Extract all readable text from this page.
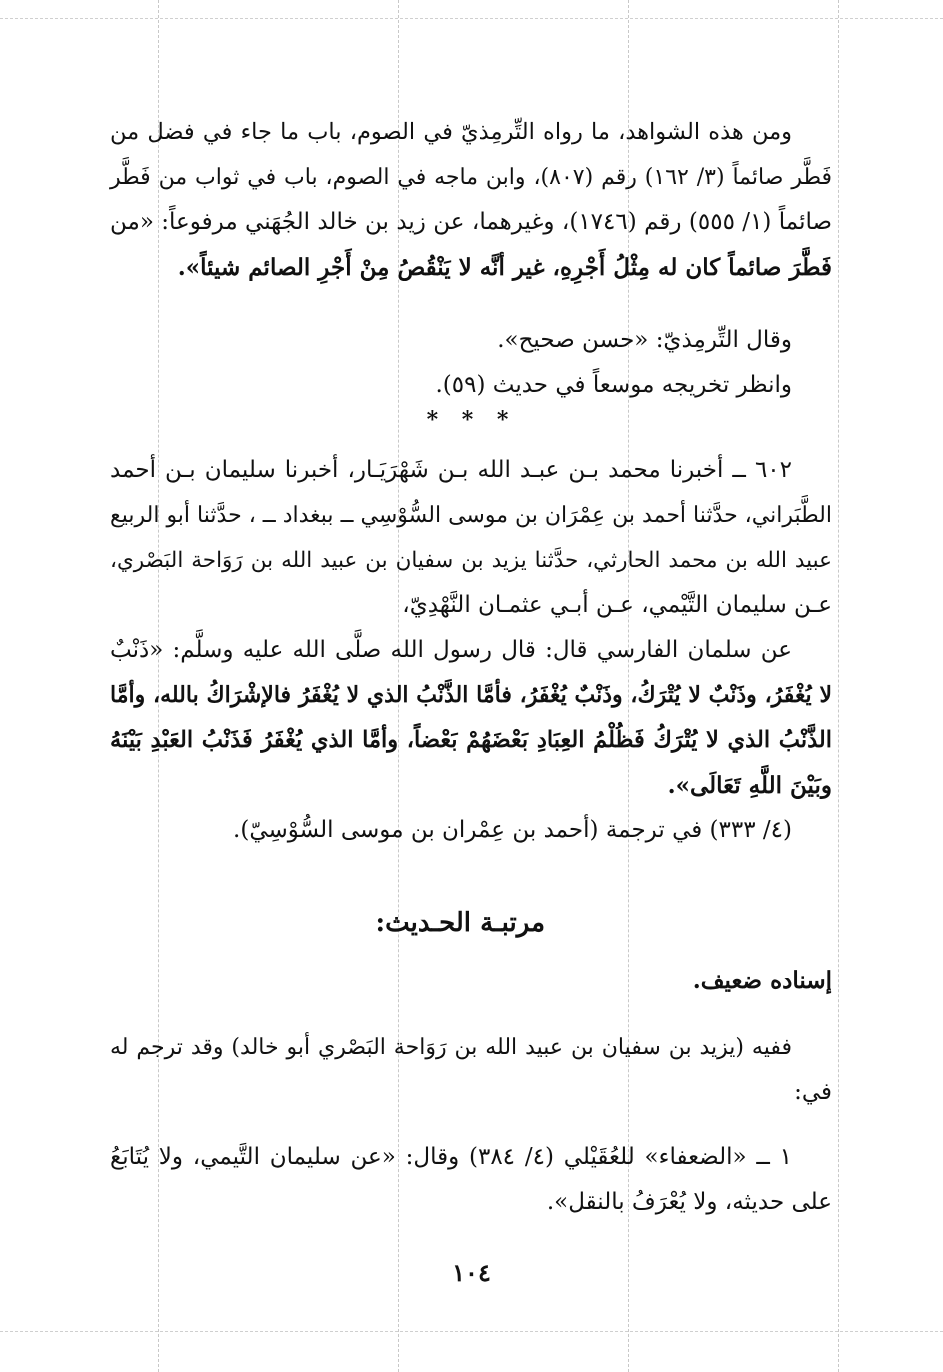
ومن هذه الشواهد، ما رواه التِّرمِذيّ في الصوم، باب ما جاء في فضل من
فَطَّر صائماً (٣/ ١٦٢) رقم (٨٠٧)، وابن ماجه في الصوم، باب في ثواب من فَطَّر
صائماً (١/ ٥٥٥) رقم (١٧٤٦)، وغيرهما، عن زيد بن خالد الجُهَني مرفوعاً: «من
فَطَّرَ صائماً كان له مِثْلُ أَجْرِهِ، غير أنَّه لا يَنْقُصُ مِنْ أَجْرِ الصائم شيئاً».
وقال التِّرمِذيّ: «حسن صحيح».
وانظر تخريجه موسعاً في حديث (٥٩).
* * *
٦٠٢ ــ أخبرنا محمد بـن عبـد الله بـن شَهْرَيَـار، أخبرنا سليمان بـن أحمد
الطَّبَراني، حدَّثنا أحمد بن عِمْرَان بن موسى السُّوْسِي ــ ببغداد ــ ، حدَّثنا أبو الربيع
عبيد الله بن محمد الحارثي، حدَّثنا يزيد بن سفيان بن عبيد الله بن رَوَاحة البَصْري،
عـن سليمان التَّيْمي، عـن أبـي عثمـان النَّهْدِيّ،
عن سلمان الفارسي قال: قال رسول الله صلَّى الله عليه وسلَّم: «ذَنْبٌ
لا يُغْفَرُ، وذَنْبٌ لا يُتْرَكُ، وذَنْبٌ يُغْفَرُ، فأمَّا الذَّنْبُ الذي لا يُغْفَرُ فالإشْرَاكُ بالله، وأمَّا
الذَّنْبُ الذي لا يُتْرَكُ فَظُلْمُ العِبَادِ بَعْضَهُمْ بَعْضاً، وأمَّا الذي يُغْفَرُ فَذَنْبُ العَبْدِ بَيْنَهُ
وبَيْنَ اللَّهِ تَعَالَى».
(٤/ ٣٣٣) في ترجمة (أحمد بن عِمْران بن موسى السُّوْسِيّ).
مرتبـة الحـديث:
إسناده ضعيف.
ففيه (يزيد بن سفيان بن عبيد الله بن رَوَاحة البَصْري أبو خالد) وقد ترجم له
في:
١ ــ «الضعفاء» للعُقَيْلي (٤/ ٣٨٤) وقال: «عن سليمان التَّيمي، ولا يُتَابَعُ
على حديثه، ولا يُعْرَفُ بالنقل».
١٠٤
